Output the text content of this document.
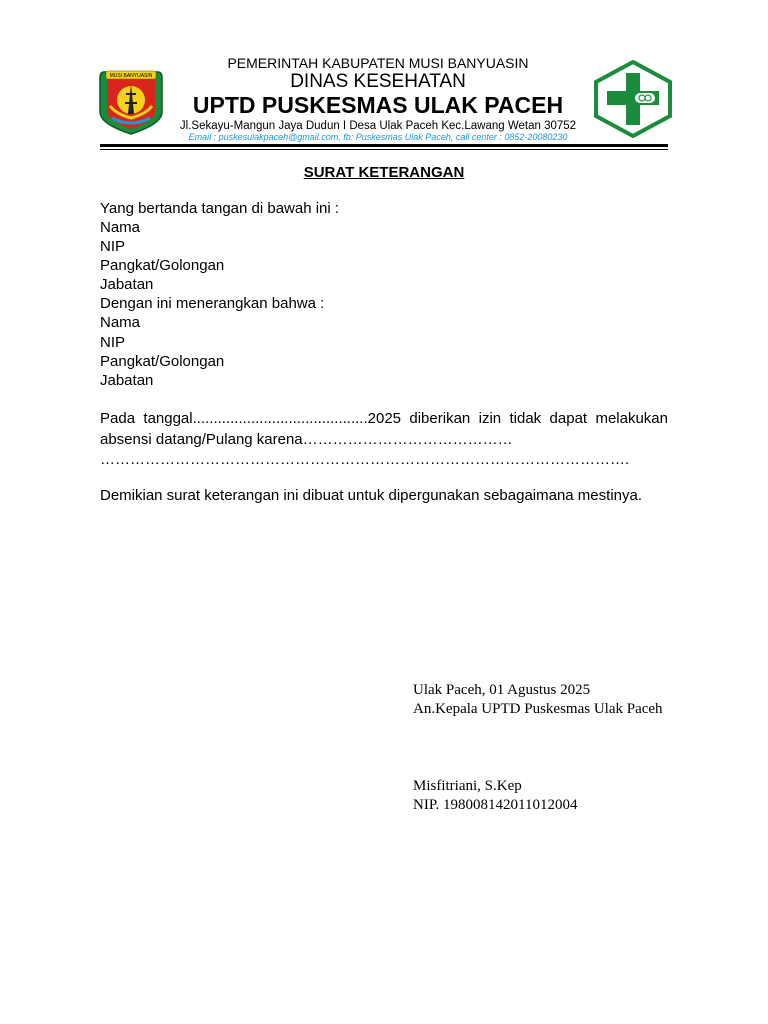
MUSI BANYUASIN
PEMERINTAH KABUPATEN MUSI BANYUASIN
DINAS KESEHATAN
UPTD PUSKESMAS ULAK PACEH
Jl.Sekayu-Mangun Jaya Dudun I Desa Ulak Paceh Kec.Lawang Wetan 30752
Email : puskesulakpaceh@gmail.com, fb: Puskesmas Ulak Paceh, call center : 0852-20080230
SURAT KETERANGAN
Yang bertanda tangan di bawah ini :
Nama
NIP
Pangkat/Golongan
Jabatan
Dengan ini menerangkan bahwa :
Nama
NIP
Pangkat/Golongan
Jabatan
Pada tanggal..........................................2025 diberikan izin tidak dapat melakukan
absensi datang/Pulang karena……………………………………
…………………………………………………………………………………………….
Demikian surat keterangan ini dibuat untuk dipergunakan sebagaimana mestinya.
Ulak Paceh, 01 Agustus 2025
An.Kepala UPTD Puskesmas Ulak Paceh
Misfitriani, S.Kep
NIP. 198008142011012004
